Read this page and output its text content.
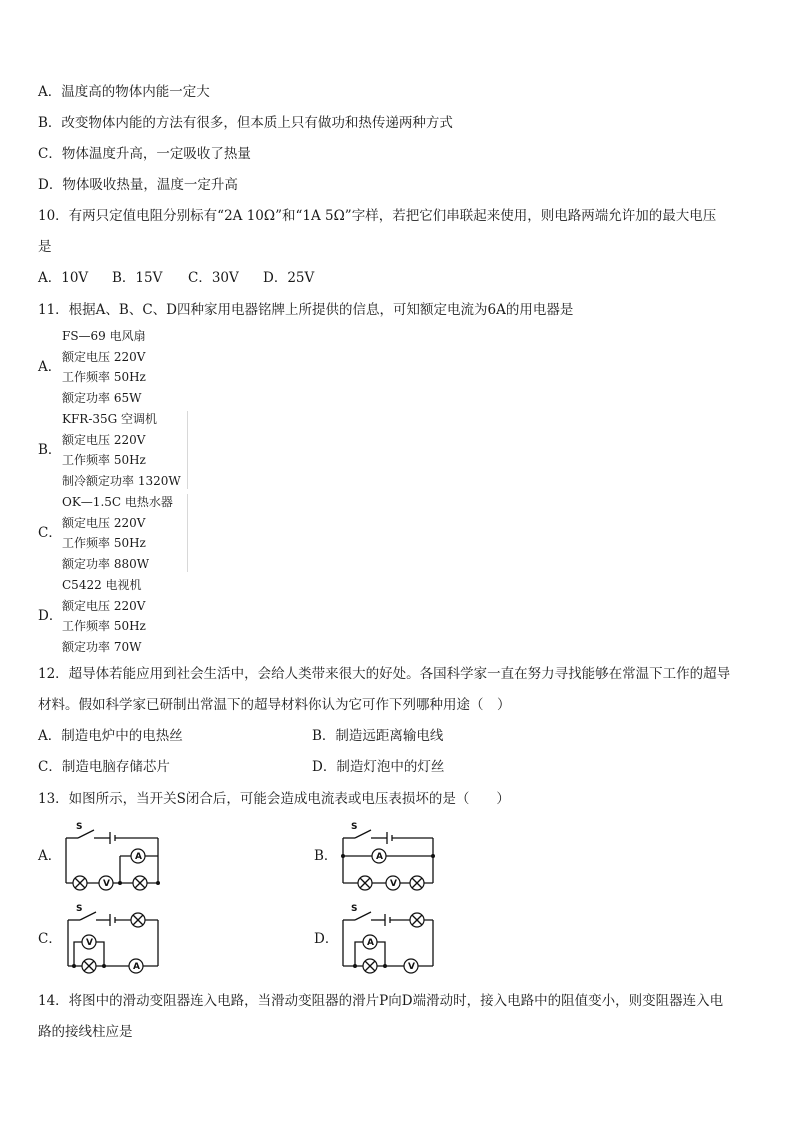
A．温度高的物体内能一定大
B．改变物体内能的方法有很多，但本质上只有做功和热传递两种方式
C．物体温度升高，一定吸收了热量
D．物体吸收热量，温度一定升高
10．有两只定值电阻分别标有“2A 10Ω”和“1A 5Ω”字样，若把它们串联起来使用，则电路两端允许加的最大电压
是
A．10V B．15V C．30V D．25V
11．根据A、B、C、D四种家用电器铭牌上所提供的信息，可知额定电流为6A的用电器是
A．
FS—69 电风扇
额定电压 220V
工作频率 50Hz
额定功率 65W
B．
KFR-35G 空调机
额定电压 220V
工作频率 50Hz
制冷额定功率 1320W
C．
OK—1.5C 电热水器
额定电压 220V
工作频率 50Hz
额定功率 880W
D．
C5422 电视机
额定电压 220V
工作频率 50Hz
额定功率 70W
12．超导体若能应用到社会生活中，会给人类带来很大的好处。各国科学家一直在努力寻找能够在常温下工作的超导
材料。假如科学家已研制出常温下的超导材料你认为它可作下列哪种用途（　）
A．制造电炉中的电热丝	B．制造远距离输电线
C．制造电脑存储芯片	D．制造灯泡中的灯丝
13．如图所示，当开关S闭合后，可能会造成电流表或电压表损坏的是（　　）
A．
S
A
V
B．
S
A
V
C．
S
V
A
D．
S
A
V
14．将图中的滑动变阻器连入电路，当滑动变阻器的滑片P向D端滑动时，接入电路中的阻值变小，则变阻器连入电
路的接线柱应是
